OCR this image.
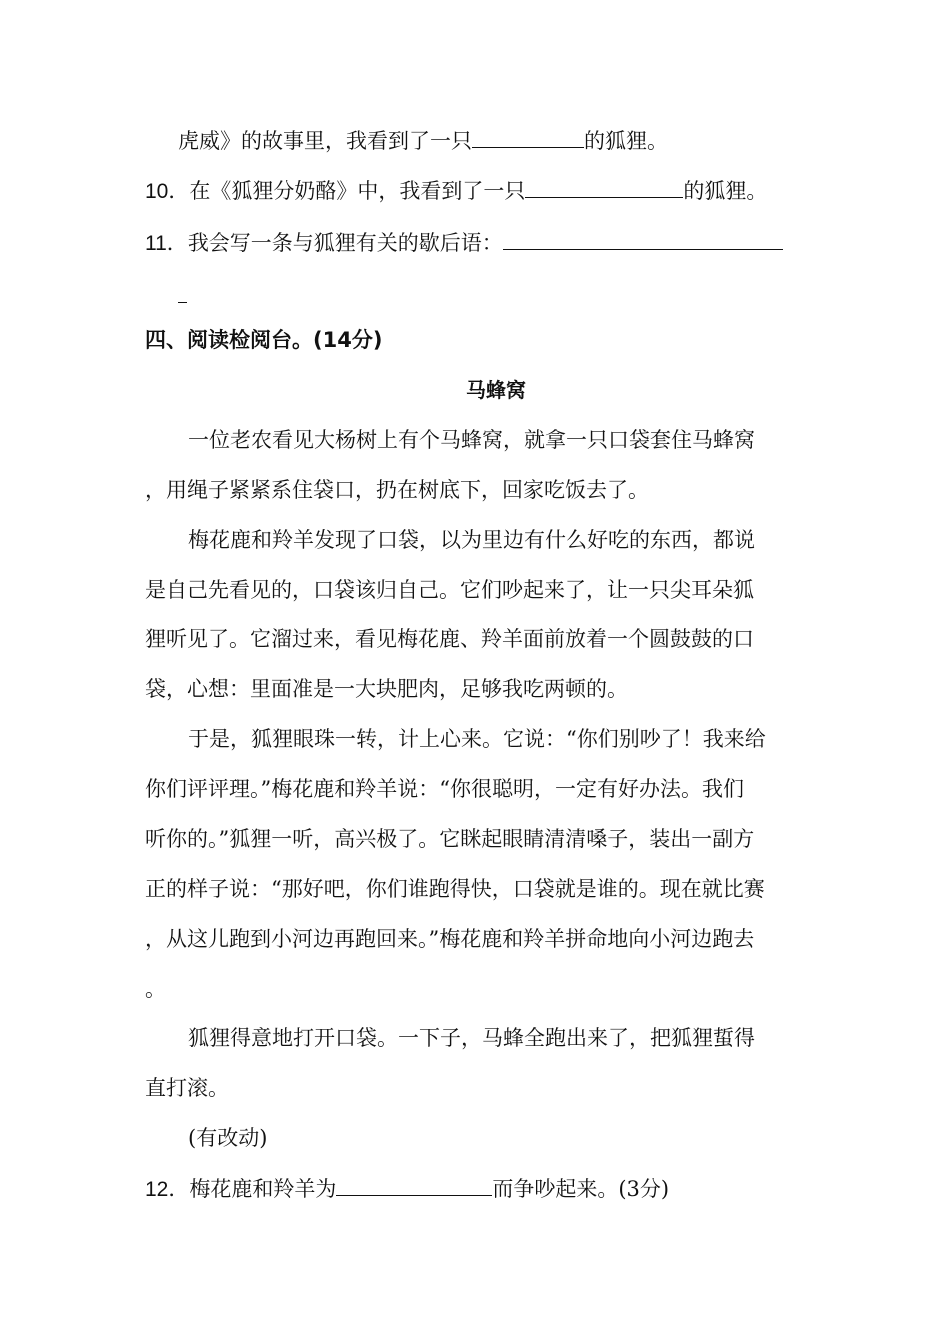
虎威》的故事里，我看到了一只	的狐狸。
10．在《狐狸分奶酪》中，我看到了一只	的狐狸。
11．我会写一条与狐狸有关的歇后语：
四、阅读检阅台。(14分)
马蜂窝
一位老农看见大杨树上有个马蜂窝，就拿一只口袋套住马蜂窝
，用绳子紧紧系住袋口，扔在树底下，回家吃饭去了。
梅花鹿和羚羊发现了口袋，以为里边有什么好吃的东西，都说
是自己先看见的，口袋该归自己。它们吵起来了，让一只尖耳朵狐
狸听见了。它溜过来，看见梅花鹿、羚羊面前放着一个圆鼓鼓的口
袋，心想：里面准是一大块肥肉，足够我吃两顿的。
于是，狐狸眼珠一转，计上心来。它说：“你们别吵了！我来给
你们评评理。”梅花鹿和羚羊说：“你很聪明，一定有好办法。我们
听你的。”狐狸一听，高兴极了。它眯起眼睛清清嗓子，装出一副方
正的样子说：“那好吧，你们谁跑得快，口袋就是谁的。现在就比赛
，从这儿跑到小河边再跑回来。”梅花鹿和羚羊拼命地向小河边跑去
。
狐狸得意地打开口袋。一下子，马蜂全跑出来了，把狐狸蜇得
直打滚。
(有改动)
12．梅花鹿和羚羊为	而争吵起来。(3分)
